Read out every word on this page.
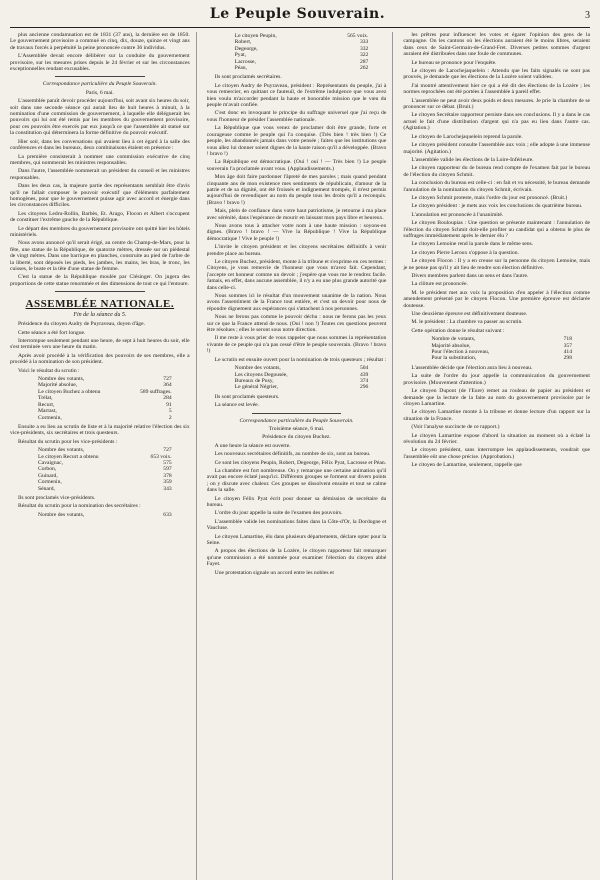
Le Peuple Souverain.	3

plus ancienne condamnation est de 1831 (37 ans), la dernière est de 1850. Le gouvernement provisoire a commué en cinq, dix, douze, quinze et vingt ans de travaux forcés à perpétuité la peine prononcée contre 36 individus.

L'Assemblée devait encore délibérer sur la conduite du gouvernement provisoire, sur les mesures prises depuis le 24 février et sur les circonstances exceptionnelles rendant excusables.

Correspondance particulière du Peuple Souverain.

Paris, 6 mai.

L'assemblée paraît devoir procéder aujourd'hui, soit avant six heures du soir, soit dans une seconde séance qui aurait lieu de huit heures à minuit, à la nomination d'une commission de gouvernement, à laquelle elle déléguerait les pouvoirs qui lui ont été remis par les membres du gouvernement provisoire, pour ces pouvoirs être exercés par eux jusqu'à ce que l'assemblée ait statué sur la constitution qui déterminera la forme définitive du pouvoir exécutif.

Hier soir, dans les conversations qui avaient lieu à cet égard à la salle des conférences et dans les bureaux, deux combinaisons étaient en présence :

La première consisterait à nommer une commission exécutive de cinq membres, qui nommerait les ministres responsables.

Dans l'autre, l'assemblée nommerait un président du conseil et les ministres responsables.

Dans les deux cas, la majeure partie des représentants semblait être d'avis qu'il ne fallait composer le pouvoir exécutif que d'éléments parfaitement homogènes, pour que le gouvernement puisse agir avec accord et énergie dans les circonstances difficiles.

Les citoyens Ledru-Rollin, Barbès, Et. Arago, Flocon et Albert s'occupent de constituer l'extrême gauche de la République.

Le départ des membres du gouvernement provisoire ont quitté hier les hôtels ministériels.

Nous avons annoncé qu'il serait érigé, au centre du Champ-de-Mars, pour la fête, une statue de la République, de quatorze mètres, dressée sur un piédestal de vingt mètres. Dans une barrique en planches, construite au pied de l'arbre de la liberté, sont déposés les pieds, les jambes, les mains, les bras, le tronc, les cuisses, le buste et la tête d'une statue de femme.

C'est la statue de la République moulée par Clésinger. On jugera des proportions de cette statue renommée et des dimensions de tout ce qui l'entoure.

ASSEMBLÉE NATIONALE.
Fin de la séance du 5.

Présidence du citoyen Audry de Puyraveau, doyen d'âge.

Cette séance a été fort longue.

Interrompue seulement pendant une heure, de sept à huit heures du soir, elle s'est terminée vers une heure du matin.

Après avoir procédé à la vérification des pouvoirs de ses membres, elle a procédé à la nomination de son président.

Voici le résultat du scrutin :

Nombre des votants,	727
Majorité absolue,	364
Le citoyen Buchez a obtenu	589 suffrages.
Trélat,	284
Recurt,	91
Marrast,	5
Cormenin,	2

Ensuite a eu lieu au scrutin de liste et à la majorité relative l'élection des six vice-présidents, six secrétaires et trois questeurs.

Résultat du scrutin pour les vice-présidents :

Nombre des votants,	727
Le citoyen Recurt a obtenu	653 voix.
Cavaignac,	575
Corbon,	597
Guinard,	378
Cormenin,	359
Sénard,	343

Ils sont proclamés vice-présidents.

Résultat du scrutin pour la nomination des secrétaires :

Nombre des votants,	633
Le citoyen Peupin,	565 voix.
Robert,	333
Degeorge,	332
Pyat,	322
Lacrosse,	287
Péan,	262

Ils sont proclamés secrétaires.

Le citoyen Audry de Puyraveau, président : Représentants du peuple, j'ai à vous remercier, en quittant ce fauteuil, de l'extrême indulgence que vous avez bien voulu m'accorder pendant la haute et honorable mission que le vœu du peuple m'avait confiée.

C'est donc en invoquant le principe du suffrage universel que j'ai reçu de vous l'honneur de présider l'assemblée nationale.

La République que vous venez de proclamer doit être grande, forte et courageuse comme le peuple qui l'a conquise. (Très bien ! très bien !) Ce peuple, les abandonnés jamais dans votre pensée ; faites que les institutions que vous allez lui donner soient dignes de la haute raison qu'il a développée. (Bravo ! bravo !)

La République est démocratique. (Oui ! oui ! — Très bien !) Le peuple souverain l'a proclamée avant vous. (Applaudissements.)

Mon âge doit faire pardonner l'âpreté de mes paroles ; mais quand pendant cinquante ans de mon existence mes sentiments de républicain, d'amour de la patrie et de sa dignité, ont été froissés et indignement trompés, il m'est permis aujourd'hui de revendiquer au nom du peuple tous les droits qu'il a reconquis. (Bravo ! bravo !)

Mais, plein de confiance dans votre haut patriotisme, je retourne à ma place avec sérénité, dans l'espérance de mourir en laissant mon pays libre et heureux.

Nous avons tous à attacher votre nom à une haute mission : soyons-en dignes. (Bravo ! bravo ! — Vive la République ! Vive la République démocratique ! Vive le peuple !)

L'invite le citoyen président et les citoyens secrétaires définitifs à venir prendre place au bureau.

Le citoyen Buchez, président, monte à la tribune et s'exprime en ces termes : Citoyens, je vous remercie de l'honneur que vous m'avez fait. Cependant, j'accepte cet honneur comme un devoir ; j'espère que vous me le rendrez facile. Jamais, en effet, dans aucune assemblée, il n'y a eu une plus grande autorité que dans celle-ci.

Nous sommes ici le résultat d'un mouvement unanime de la nation. Nous avons l'assentiment de la France tout entière, et c'est un devoir pour nous de répondre dignement aux espérances qui s'attachent à nos personnes.

Nous ne ferons pas comme le pouvoir déchu : nous ne ferons pas les yeux sur ce que la France attend de nous. (Oui ! non !) Toutes ces questions peuvent être résolues ; elles le seront sous notre direction.

Il me reste à vous prier de vous rappeler que nous sommes la représentation vivante de ce peuple qui n'a pas cessé d'être le peuple souverain. (Bravo ! bravo !)

Le scrutin est ensuite ouvert pour la nomination de trois questeurs ; résultat :

Nombre des votants,	504
Les citoyens Degousée,	439
Bureaux de Pusy,	374
Le général Négrier,	296

Ils sont proclamés questeurs.

La séance est levée.

Correspondance particulière du Peuple Souverain.

Troisième séance, 6 mai.

Présidence du citoyen Buchez.

A une heure la séance est ouverte.

Les nouveaux secrétaires définitifs, au nombre de six, sont au bureau.

Ce sont les citoyens Peupin, Robert, Degeorge, Félix Pyat, Lacrosse et Péan.

La chambre est fort nombreuse. On y remarque une certaine animation qu'il avait pas encore éclaté jusqu'ici. Différents groupes se forment sur divers points ; on y discute avec chaleur. Ces groupes se dissolvent ensuite et tout se calme dans la salle.

Le citoyen Félix Pyat écrit pour donner sa démission de secrétaire du bureau.

L'ordre du jour appelle la suite de l'examen des pouvoirs.

L'assemblée valide les nominations faites dans la Côte-d'Or, la Dordogne et Vaucluse.

Le citoyen Lamartine, élu dans plusieurs départements, déclare opter pour la Seine.

A propos des élections de la Lozère, le citoyen rapporteur fait remarquer qu'une commission a été nommée pour examiner l'élection du citoyen abbé Fayet.

Une protestation signale un accord entre les nobles et

les prêtres pour influencer les votes et égarer l'opinion des gens de la campagne. On les cantons où les élections auraient été le moins libres, seraient dans ceux de Saint-Germain-de-Grand-Fret. Diverses petites sommes d'argent auraient été distribuées dans une foule de communes.

Le bureau se prononce pour l'enquête.

Le citoyen de Larochejaquelein : Attendu que les faits signalés ne sont pas prouvés, je demande que les élections de la Lozère soient validées.

J'ai montré attentivement hier ce qui a été dit des élections de la Lozère ; les normes reprochées ont été portées à l'assemblée à pareil effet.

L'assemblée ne peut avoir deux poids et deux mesures. Je prie la chambre de se prononcer sur ce débat. (Bruit.)

Le citoyen Secrétaire rapporteur persiste dans ses conclusions. Il y a dans le cas actuel le fait d'une distribution d'argent qui n'a pas eu lieu dans l'autre cas. (Agitation.)

Le citoyen de Larochejaquelein reprend la parole.

Le citoyen président consulte l'assemblée aux voix ; elle adopte à une immense majorité. (Agitation.)

L'assemblée valide les élections de la Loire-Inférieure.

Le citoyen rapporteur du 4e bureau rend compte de l'examen fait par le bureau de l'élection du citoyen Schmit.

La conclusion du bureau est celle-ci : en fait et vu nécessité, le bureau demande l'annulation de la nomination du citoyen Schmit, écrivain.

Le citoyen Schmit proteste, mais l'ordre du jour est prononcé. (Bruit.)

Le citoyen président : je mets aux voix les conclusions du quatrième bureau.

L'annulation est prononcée à l'unanimité.

Le citoyen Bouloupias : Une question se présente maintenant : l'annulation de l'élection du citoyen Schmit doit-elle profiter au candidat qui a obtenu le plus de suffrages immédiatement après le dernier élu ?

Le citoyen Lemoine rend la parole dans le même sens.

Le citoyen Pierre Leroux s'oppose à la question.

Le citoyen Flocon : Il y a en creuse sur la personne du citoyen Lemoine, mais je ne pense pas qu'il y ait lieu de rendre son élection définitive.

Divers membres parlent dans un sens et dans l'autre.

La clôture est prononcée.

M. le président met aux voix la proposition d'en appeler à l'élection comme amendement présenté par le citoyen Flocon. Une première épreuve est déclarée douteuse.

Une deuxième épreuve est définitivement douteuse.

M. le président : La chambre va passer au scrutin.

Cette opération donne le résultat suivant :

Nombre de votants,	718
Majorité absolue,	357
Pour l'élection à nouveau,	414
Pour la substitution,	298

L'assemblée décide que l'élection aura lieu à nouveau.

La suite de l'ordre du jour appelle la communication du gouvernement provisoire. (Mouvement d'attention.)

Le citoyen Dupont (de l'Eure) remet au rouleau de papier au président et demande que la lecture de la faite au nom du gouvernement provisoire par le citoyen Lamartine.

Le citoyen Lamartine monte à la tribune et donne lecture d'un rapport sur la situation de la France.

(Voir l'analyse succincte de ce rapport.)

Le citoyen Lamartine expose d'abord la situation au moment où a éclaté la révolution du 24 février.

Le citoyen président, sans interrompre les applaudissements, voudrait que l'assemblée eût une chose précise. (Approbation.)

Le citoyen de Lamartine, seulement, rappelle que
